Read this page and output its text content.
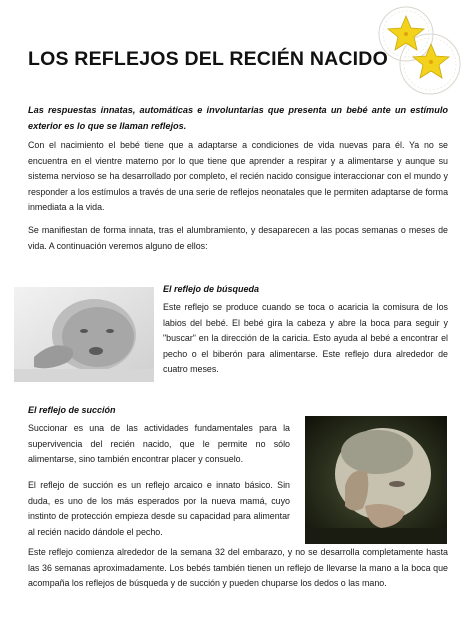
LOS REFLEJOS DEL RECIÉN NACIDO
Las respuestas innatas, automáticas e involuntarias que presenta un bebé ante un estímulo exterior es lo que se llaman reflejos.
Con el nacimiento el bebé tiene que a adaptarse a condiciones de vida nuevas para él. Ya no se encuentra en el vientre materno por lo que tiene que aprender a respirar y a alimentarse y aunque su sistema nervioso se ha desarrollado por completo, el recién nacido consigue interaccionar con el mundo y responder a los estímulos a través de una serie de reflejos neonatales que le permiten adaptarse de forma inmediata a la vida.
Se manifiestan de forma innata, tras el alumbramiento, y desaparecen a las pocas semanas o meses de vida. A continuación veremos alguno de ellos:
El reflejo de búsqueda
Este reflejo se produce cuando se toca o acaricia la comisura de los labios del bebé. El bebé gira la cabeza y abre la boca para seguir y "buscar" en la dirección de la caricia. Esto ayuda al bebé a encontrar el pecho o el biberón para alimentarse. Este reflejo dura alrededor de cuatro meses.
El reflejo de succión
Succionar es una de las actividades fundamentales para la supervivencia del recién nacido, que le permite no sólo alimentarse, sino también encontrar placer y consuelo.
El reflejo de succión es un reflejo arcaico e innato básico. Sin duda, es uno de los más esperados por la nueva mamá, cuyo instinto de protección empieza desde su capacidad para alimentar al recién nacido dándole el pecho.
Este reflejo comienza alrededor de la semana 32 del embarazo, y no se desarrolla completamente hasta las 36 semanas aproximadamente. Los bebés también tienen un reflejo de llevarse la mano a la boca que acompaña los reflejos de búsqueda y de succión y pueden chuparse los dedos o las mano.
